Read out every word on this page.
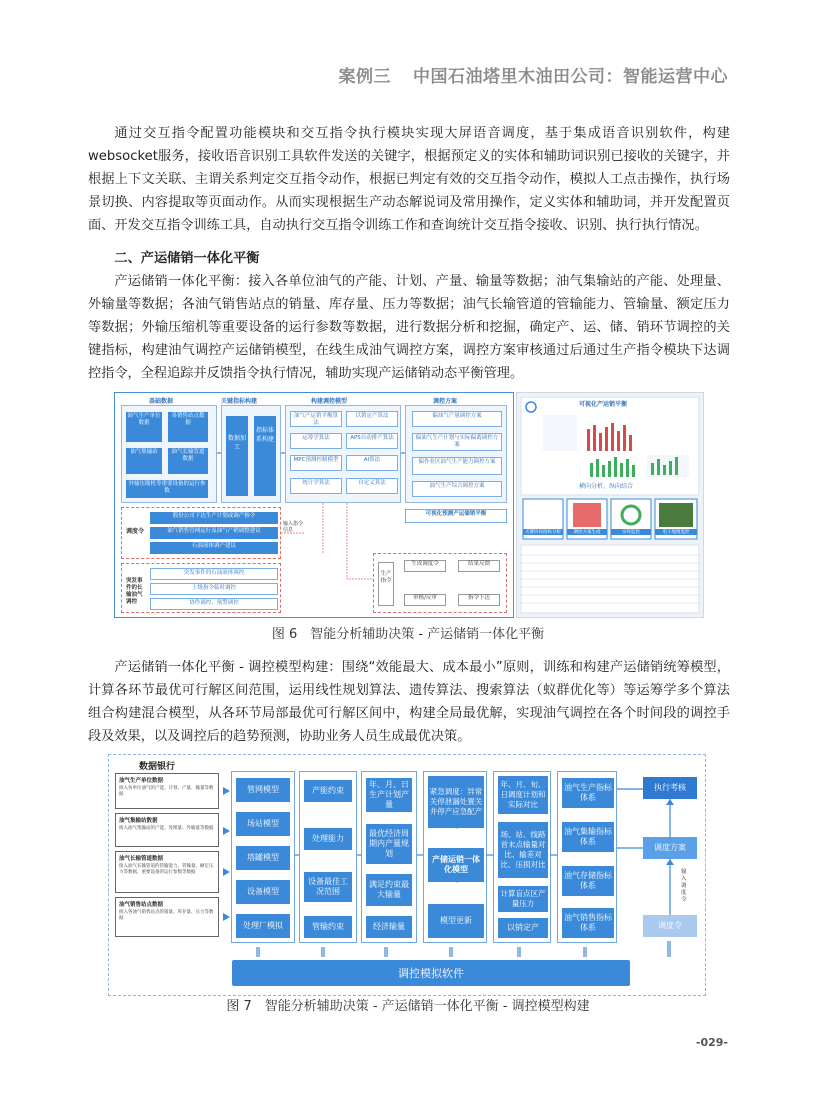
案例三 中国石油塔里木油田公司：智能运营中心

通过交互指令配置功能模块和交互指令执行模块实现大屏语音调度，基于集成语音识别软件，构建websocket服务，接收语音识别工具软件发送的关键字，根据预定义的实体和辅助词识别已接收的关键字，并根据上下文关联、主谓关系判定交互指令动作，根据已判定有效的交互指令动作，模拟人工点击操作，执行场景切换、内容提取等页面动作。从而实现根据生产动态解说词及常用操作，定义实体和辅助词，并开发配置页面、开发交互指令训练工具，自动执行交互指令训练工作和查询统计交互指令接收、识别、执行执行情况。

二、产运储销一体化平衡

产运储销一体化平衡：接入各单位油气的产能、计划、产量、输量等数据；油气集输站的产能、处理量、外输量等数据；各油气销售站点的销量、库存量、压力等数据；油气长输管道的管输能力、管输量、额定压力等数据；外输压缩机等重要设备的运行参数等数据，进行数据分析和挖掘，确定产、运、储、销环节调控的关键指标，构建油气调控产运储销模型，在线生成油气调控方案，调控方案审核通过后通过生产指令模块下达调控指令，全程追踪并反馈指令执行情况，辅助实现产运储销动态平衡管理。

基础数据	关键指标构建	构建调控模型	调控方案
油气生产单位数据
各销售站点数据
油气集输站	油气长输管道数据
外输压缩机等重要设备的运行参数
数据加工
指标体系构建
油气产运销平衡算法
以销定产算法
运筹学算法	APS自动排产算法
MPC预测控制模型	AI算法
统计学算法	自定义算法
偏油气产量调控方案
偏油气生产计划与实际偏离调控方案
偏作业区油气生产能力调控方案
油气生产综合调控方案
可视化预测产运储销平衡
调度令
股份公司下达生产计划或调产指令
油气销售管网运行及油气产销调整建议
石油液体调产建议
输入指令信息
突发事件的长输油气调控
突发事件的石油液体调控
上级指令临时调控
协作调控、预警调控
生产指令
生成调度令	结果反馈
审核/反审	指令下达
可视化产运销平衡
横向分析、纵向结合
关键协同指标分析	调控方案生成	实时监控	电子地图监控
图 6　智能分析辅助决策 - 产运储销一体化平衡

产运储销一体化平衡 - 调控模型构建：围绕“效能最大、成本最小”原则，训练和构建产运储销统筹模型，计算各环节最优可行解区间范围，运用线性规划算法、遗传算法、搜索算法（蚁群优化等）等运筹学多个算法组合构建混合模型，从各环节局部最优可行解区间中，构建全局最优解，实现油气调控在各个时间段的调控手段及效果，以及调控后的趋势预测，协助业务人员生成最优决策。

数据银行
油气生产单位数据
接入各单位油气的产能、计划、产量、输量等数据
油气集输站数据
接入油气集输站的产能、处理量、外输量等数据
油气长输管道数据
接入油气长输管道的管输能力、管输量、额定压力等数据，重要设备的运行参数等数据
油气销售站点数据
接入各油气销售站点的销量、库存量、压力等数据
管网模型
场站模型
塔罐模型
设备模型
处理厂模拟
产能约束
处理能力
设备最佳工况范围
管输约束
年、月、日生产计划产量
最优经济周期内产量规划
满足约束最大输量
经济输量
紧急调度：异常关停泄漏处置关井停产应急配产
产储运销一体化模型
模型更新
年、月、旬、日调度计划和实际对比
场、站、线路首末点输量对比、输差对比、压损对比
计算盲点区产量压力
以销定产
油气生产指标体系
油气集输指标体系
油气存储指标体系
油气销售指标体系
执行考核
调度方案
调度令
输入调度令
调控模拟软件
图 7　智能分析辅助决策 - 产运储销一体化平衡 - 调控模型构建
-029-
